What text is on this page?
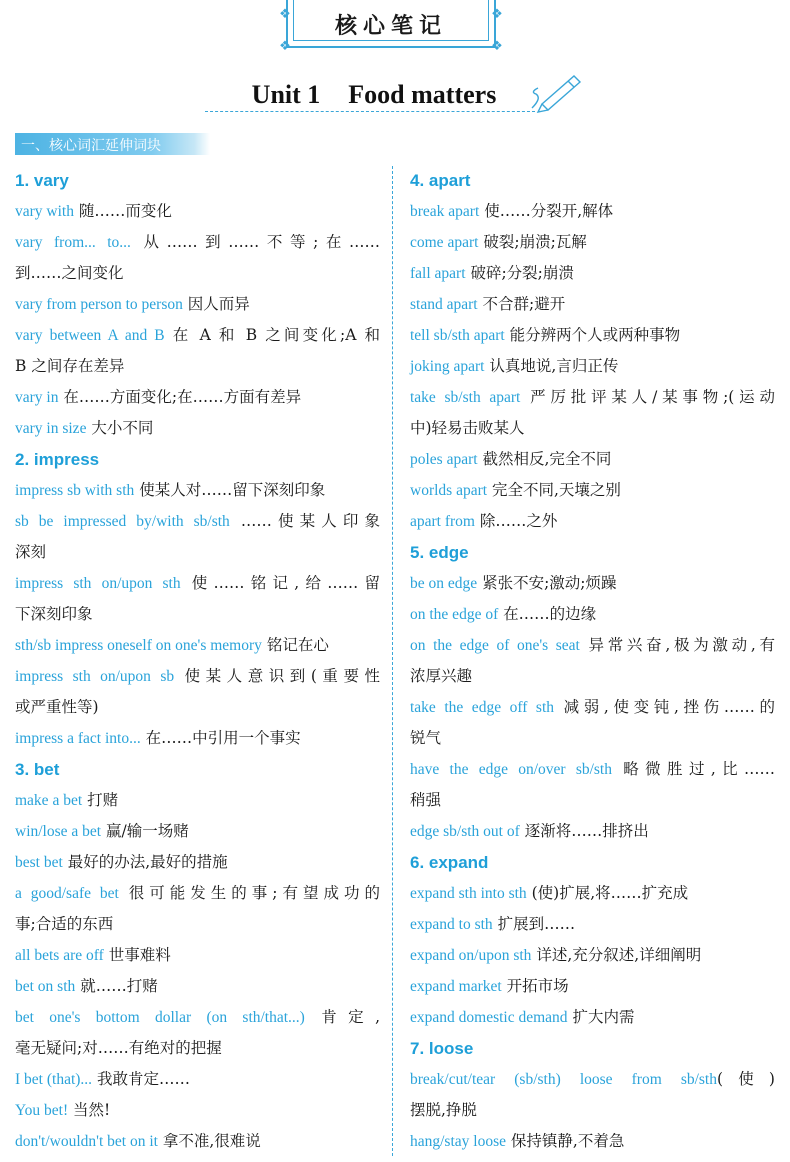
❖	❖
❖	❖
核心笔记
Unit 1 Food matters
一、核心词汇延伸词块
1. vary
vary with 随……而变化
vary from... to... 从……到……不等;在……
到……之间变化
vary from person to person 因人而异
vary between A and B 在 A 和 B 之间变化;A 和
B 之间存在差异
vary in 在……方面变化;在……方面有差异
vary in size 大小不同
2. impress
impress sb with sth 使某人对……留下深刻印象
sb be impressed by/with sb/sth ……使某人印象
深刻
impress sth on/upon sth 使……铭记,给……留
下深刻印象
sth/sb impress oneself on one's memory 铭记在心
impress sth on/upon sb 使某人意识到(重要性
或严重性等)
impress a fact into... 在……中引用一个事实
3. bet
make a bet 打赌
win/lose a bet 赢/输一场赌
best bet 最好的办法,最好的措施
a good/safe bet 很可能发生的事;有望成功的
事;合适的东西
all bets are off 世事难料
bet on sth 就……打赌
bet one's bottom dollar (on sth/that...) 肯定,
毫无疑问;对……有绝对的把握
I bet (that)... 我敢肯定……
You bet! 当然!
don't/wouldn't bet on it 拿不准,很难说
4. apart
break apart 使……分裂开,解体
come apart 破裂;崩溃;瓦解
fall apart 破碎;分裂;崩溃
stand apart 不合群;避开
tell sb/sth apart 能分辨两个人或两种事物
joking apart 认真地说,言归正传
take sb/sth apart 严厉批评某人/某事物;(运动
中)轻易击败某人
poles apart 截然相反,完全不同
worlds apart 完全不同,天壤之别
apart from 除……之外
5. edge
be on edge 紧张不安;激动;烦躁
on the edge of 在……的边缘
on the edge of one's seat 异常兴奋,极为激动,有
浓厚兴趣
take the edge off sth 减弱,使变钝,挫伤……的
锐气
have the edge on/over sb/sth 略微胜过,比……
稍强
edge sb/sth out of 逐渐将……排挤出
6. expand
expand sth into sth (使)扩展,将……扩充成
expand to sth 扩展到……
expand on/upon sth 详述,充分叙述,详细阐明
expand market 开拓市场
expand domestic demand 扩大内需
7. loose
break/cut/tear (sb/sth) loose from sb/sth(使)
摆脱,挣脱
hang/stay loose 保持镇静,不着急
